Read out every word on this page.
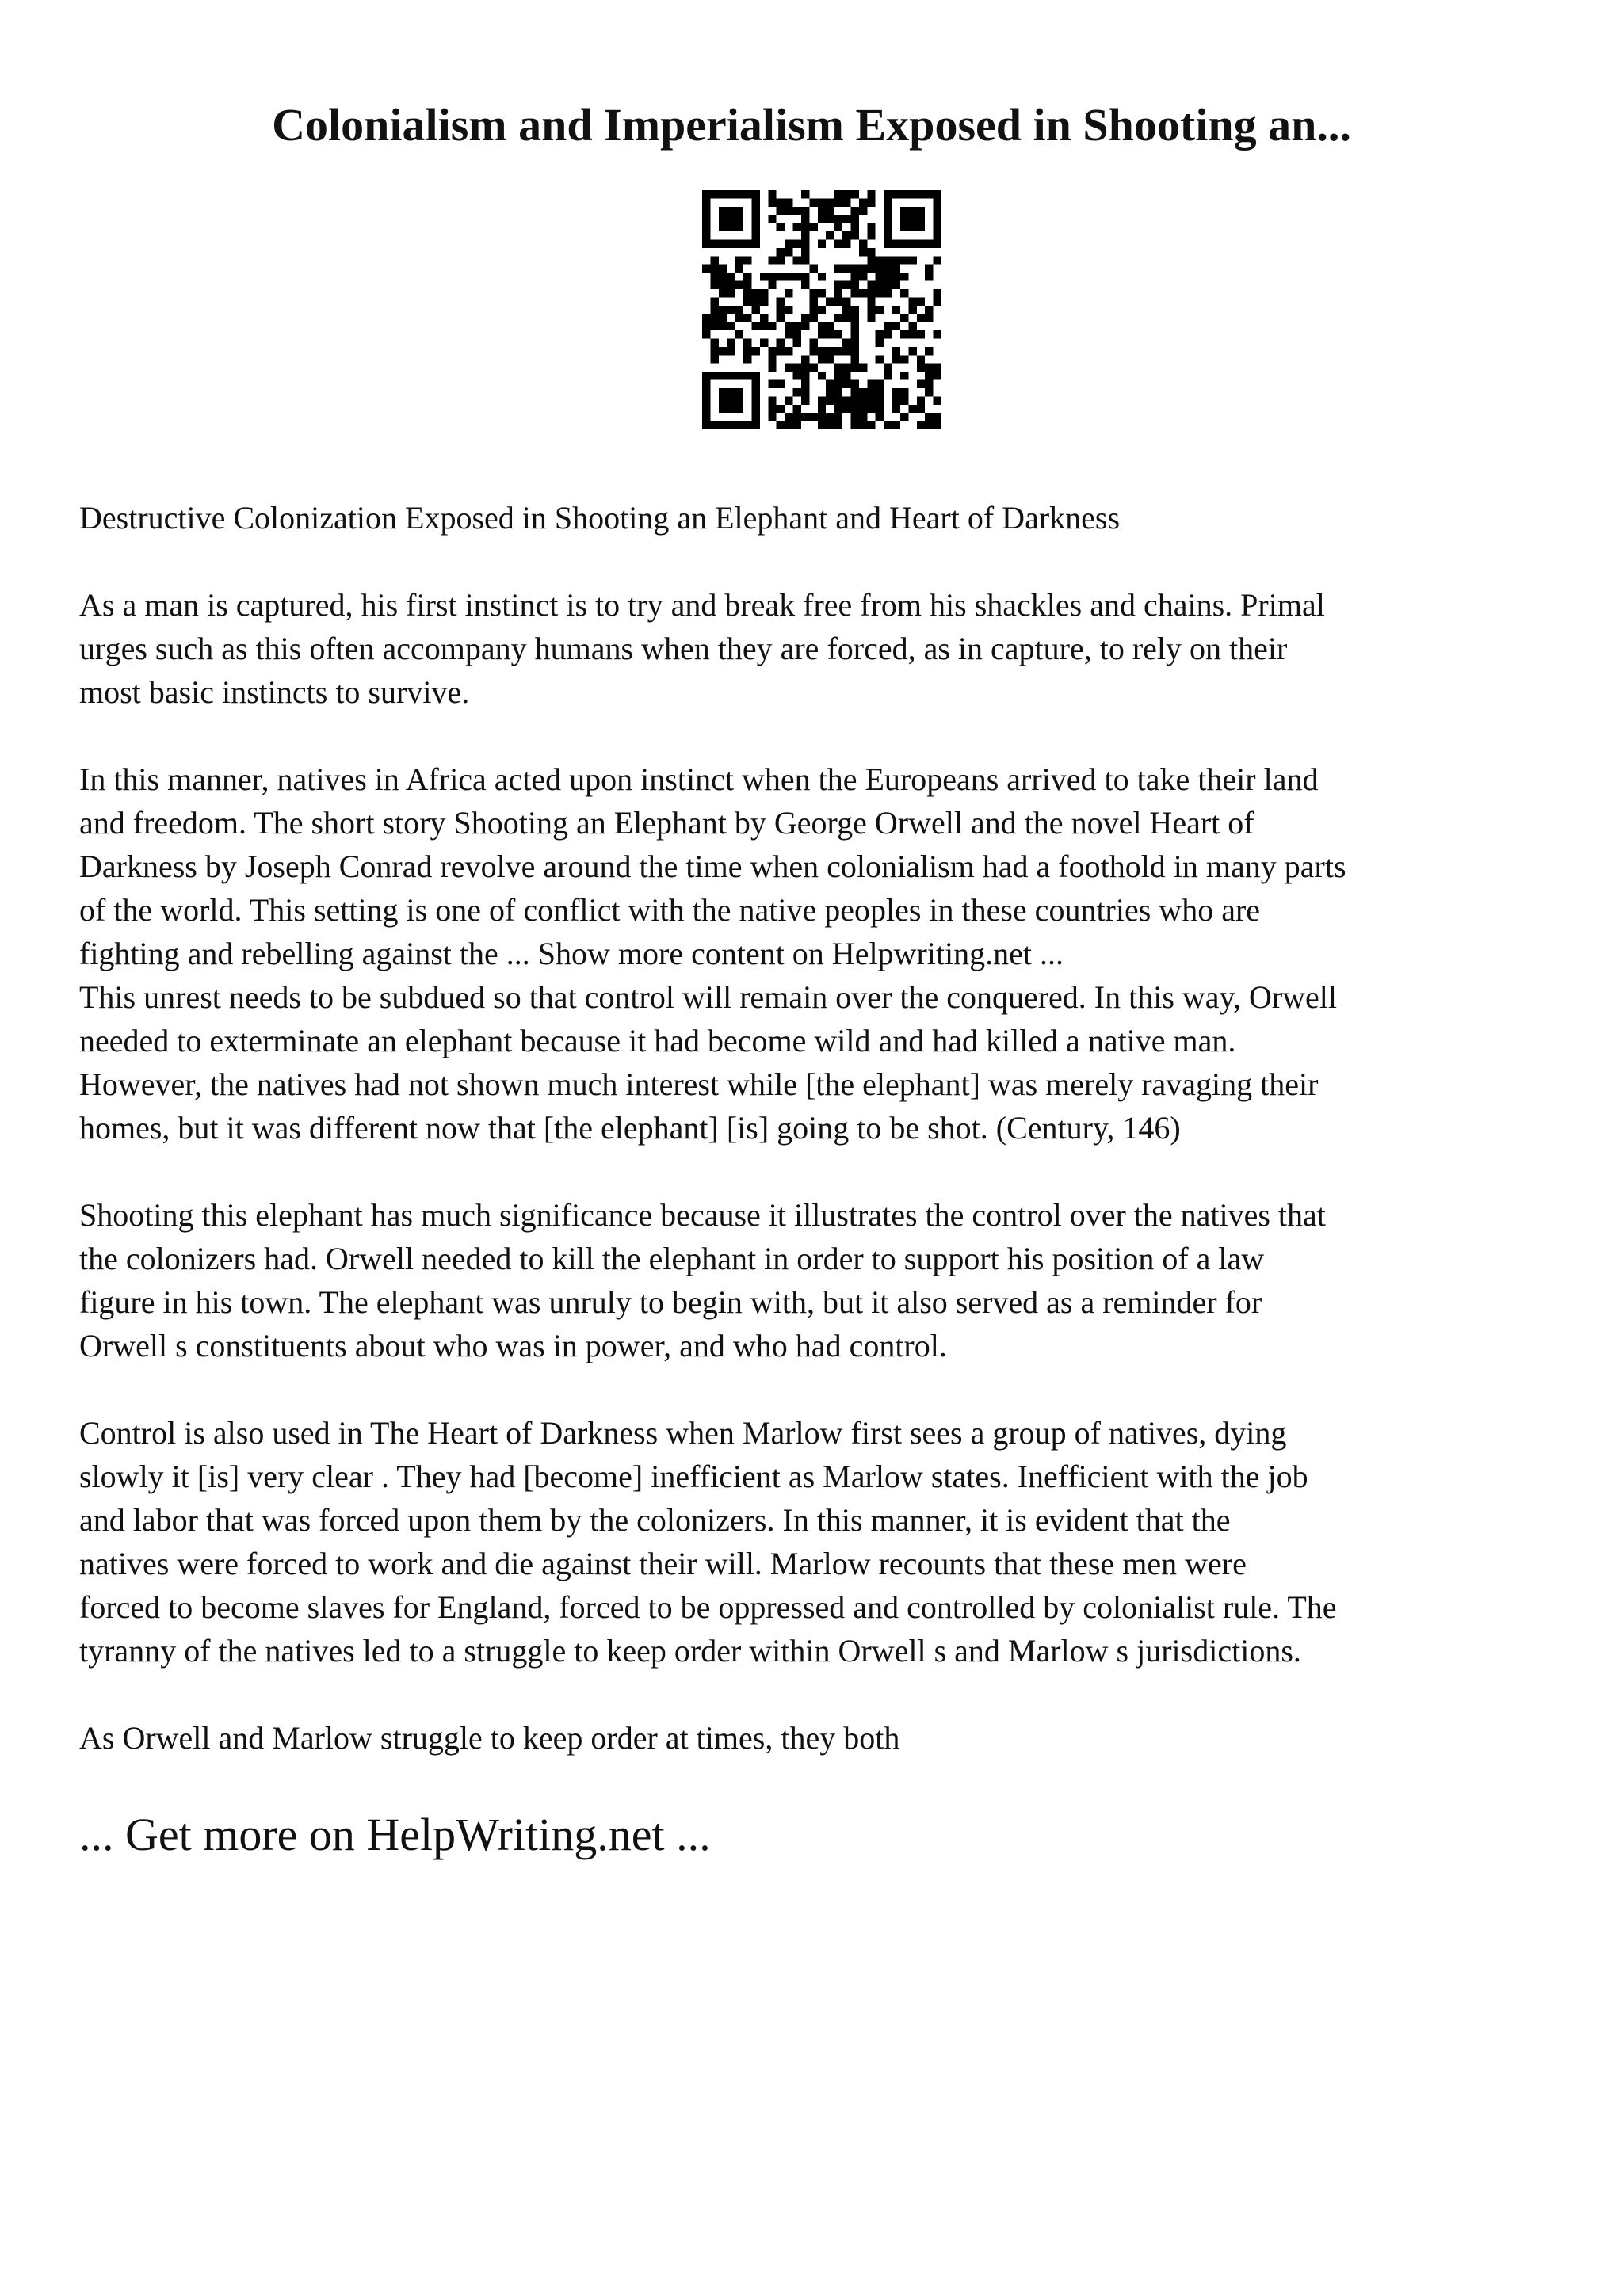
Colonialism and Imperialism Exposed in Shooting an...

Destructive Colonization Exposed in Shooting an Elephant and Heart of Darkness

As a man is captured, his first instinct is to try and break free from his shackles and chains. Primal
urges such as this often accompany humans when they are forced, as in capture, to rely on their
most basic instincts to survive.

In this manner, natives in Africa acted upon instinct when the Europeans arrived to take their land
and freedom. The short story Shooting an Elephant by George Orwell and the novel Heart of
Darkness by Joseph Conrad revolve around the time when colonialism had a foothold in many parts
of the world. This setting is one of conflict with the native peoples in these countries who are
fighting and rebelling against the ... Show more content on Helpwriting.net ...

This unrest needs to be subdued so that control will remain over the conquered. In this way, Orwell
needed to exterminate an elephant because it had become wild and had killed a native man.
However, the natives had not shown much interest while [the elephant] was merely ravaging their
homes, but it was different now that [the elephant] [is] going to be shot. (Century, 146)

Shooting this elephant has much significance because it illustrates the control over the natives that
the colonizers had. Orwell needed to kill the elephant in order to support his position of a law
figure in his town. The elephant was unruly to begin with, but it also served as a reminder for
Orwell s constituents about who was in power, and who had control.

Control is also used in The Heart of Darkness when Marlow first sees a group of natives, dying
slowly it [is] very clear . They had [become] inefficient as Marlow states. Inefficient with the job
and labor that was forced upon them by the colonizers. In this manner, it is evident that the
natives were forced to work and die against their will. Marlow recounts that these men were
forced to become slaves for England, forced to be oppressed and controlled by colonialist rule. The
tyranny of the natives led to a struggle to keep order within Orwell s and Marlow s jurisdictions.

As Orwell and Marlow struggle to keep order at times, they both

... Get more on HelpWriting.net ...
